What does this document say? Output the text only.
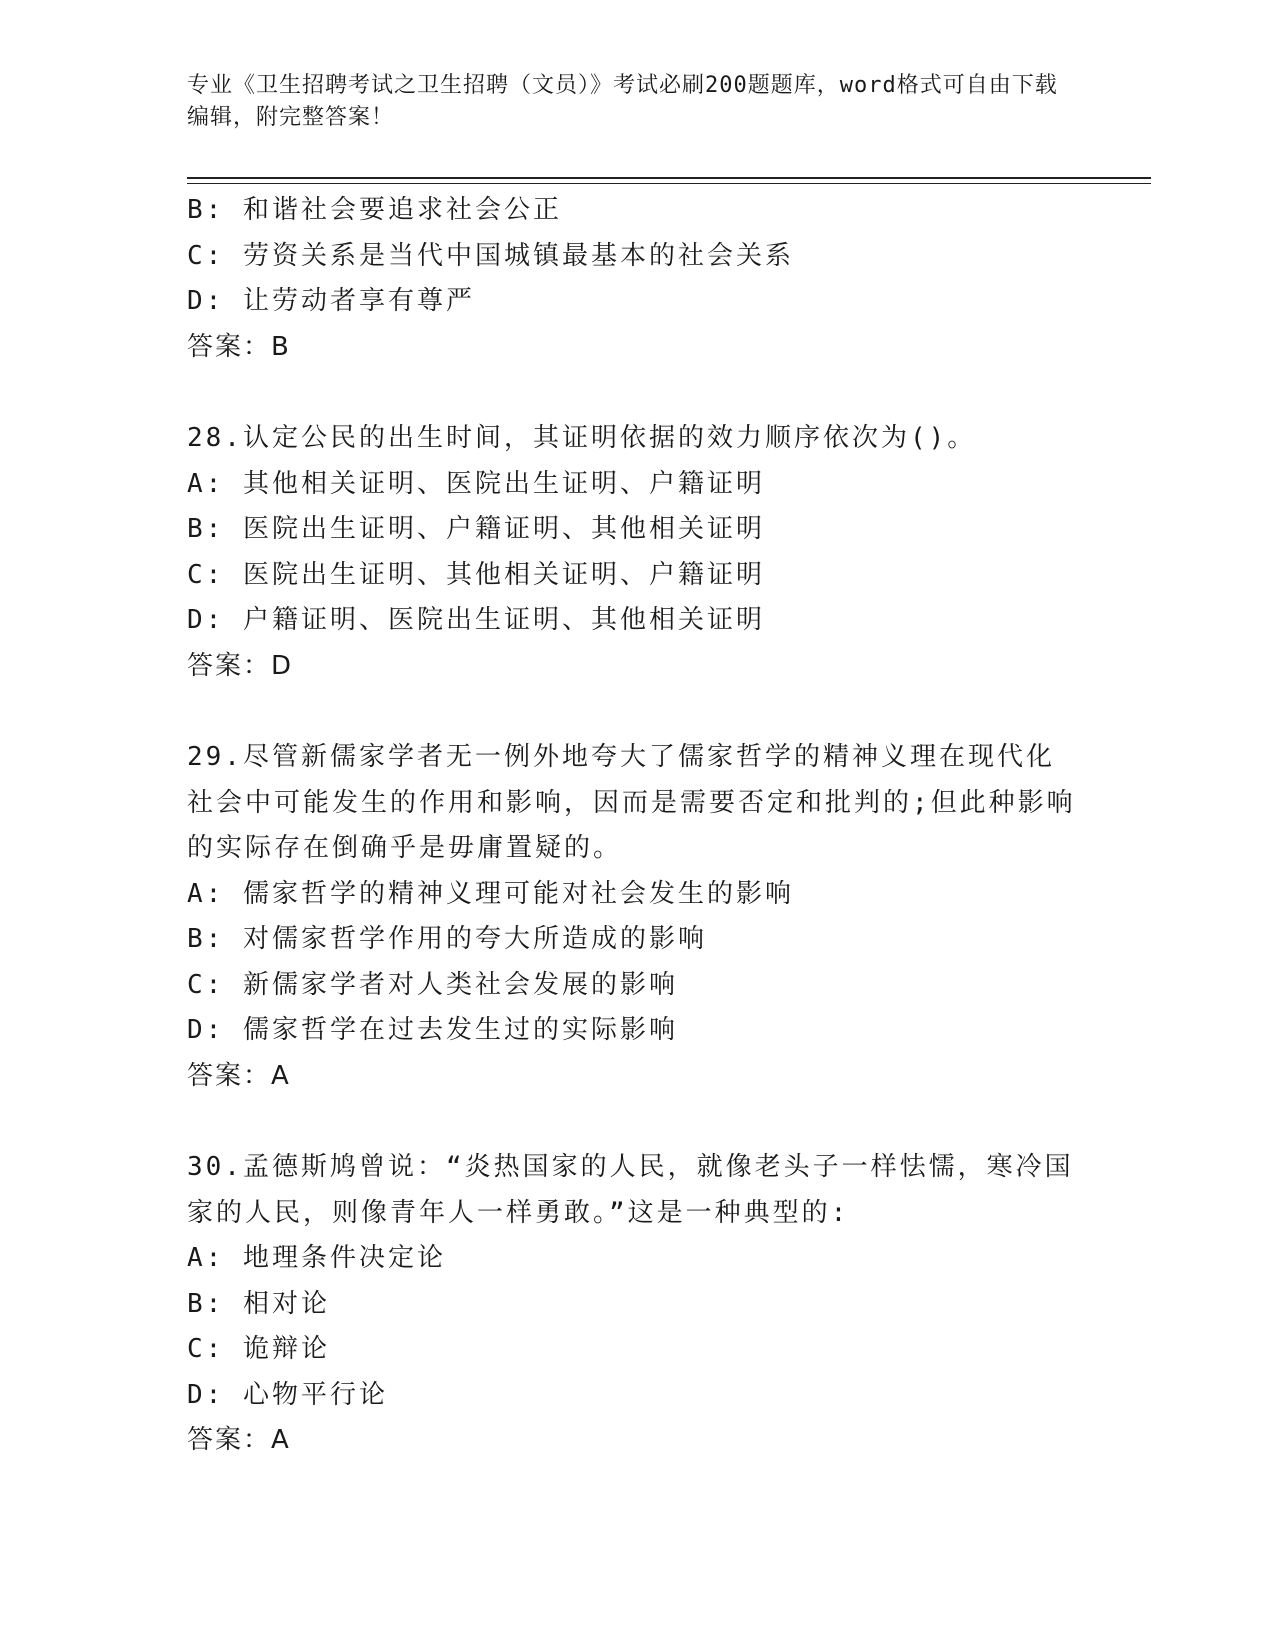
专业《卫生招聘考试之卫生招聘（文员）》考试必刷200题题库，word格式可自由下载编辑，附完整答案！
B: 和谐社会要追求社会公正
C: 劳资关系是当代中国城镇最基本的社会关系
D: 让劳动者享有尊严
答案：B
28.认定公民的出生时间，其证明依据的效力顺序依次为()。
A: 其他相关证明、医院出生证明、户籍证明
B: 医院出生证明、户籍证明、其他相关证明
C: 医院出生证明、其他相关证明、户籍证明
D: 户籍证明、医院出生证明、其他相关证明
答案：D
29.尽管新儒家学者无一例外地夸大了儒家哲学的精神义理在现代化社会中可能发生的作用和影响，因而是需要否定和批判的;但此种影响的实际存在倒确乎是毋庸置疑的。
A: 儒家哲学的精神义理可能对社会发生的影响
B: 对儒家哲学作用的夸大所造成的影响
C: 新儒家学者对人类社会发展的影响
D: 儒家哲学在过去发生过的实际影响
答案：A
30.孟德斯鸠曾说：“炎热国家的人民，就像老头子一样怯懦，寒冷国家的人民，则像青年人一样勇敢。”这是一种典型的:
A: 地理条件决定论
B: 相对论
C: 诡辩论
D: 心物平行论
答案：A
